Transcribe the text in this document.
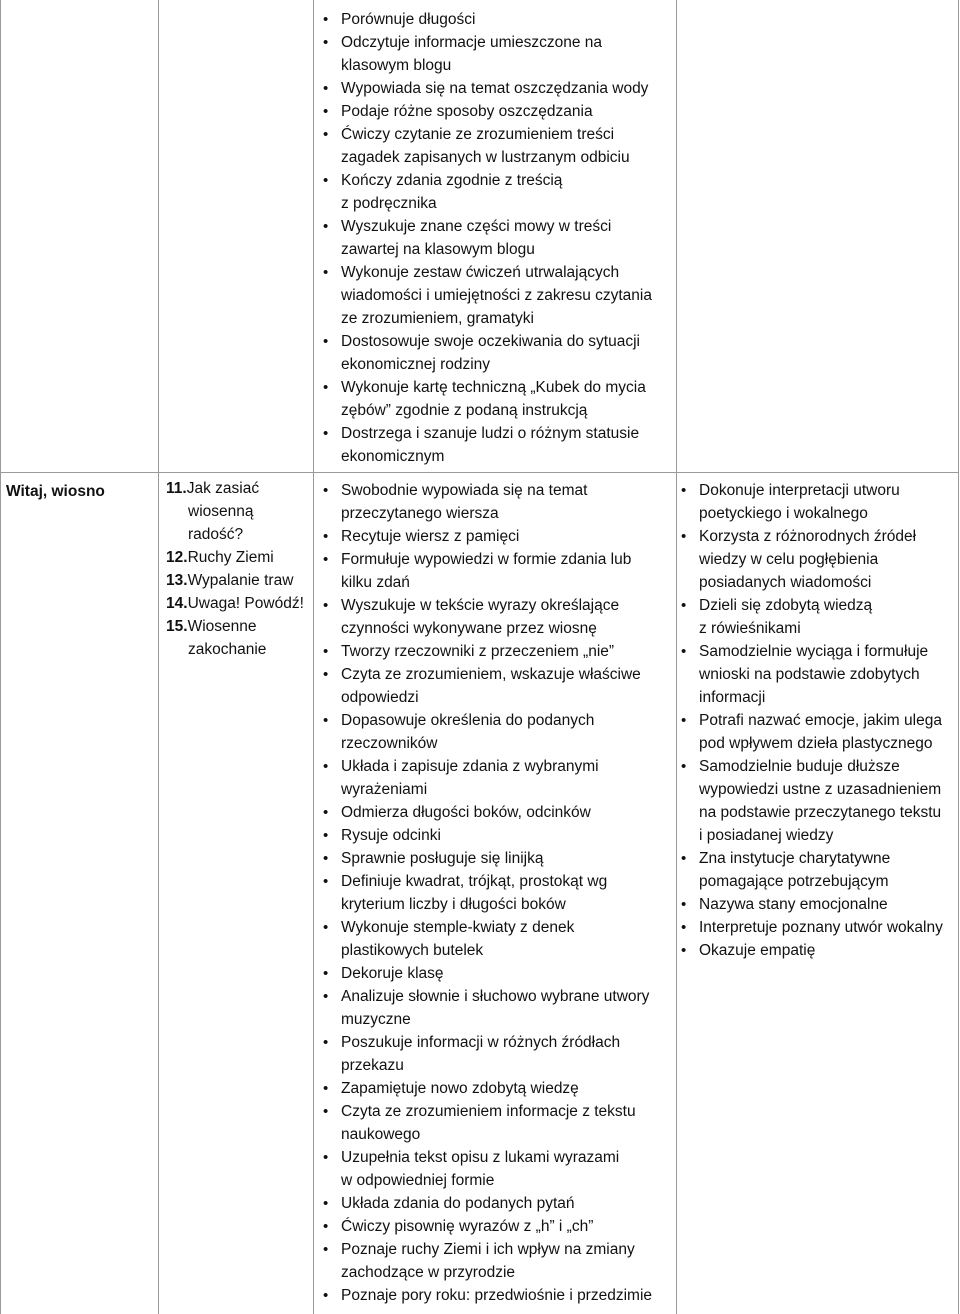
• Porównuje długości
• Odczytuje informacje umieszczone na
klasowym blogu
• Wypowiada się na temat oszczędzania wody
• Podaje różne sposoby oszczędzania
• Ćwiczy czytanie ze zrozumieniem treści
zagadek zapisanych w lustrzanym odbiciu
• Kończy zdania zgodnie z treścią
z podręcznika
• Wyszukuje znane części mowy w treści
zawartej na klasowym blogu
• Wykonuje zestaw ćwiczeń utrwalających
wiadomości i umiejętności z zakresu czytania
ze zrozumieniem, gramatyki
• Dostosowuje swoje oczekiwania do sytuacji
ekonomicznej rodziny
• Wykonuje kartę techniczną „Kubek do mycia
zębów” zgodnie z podaną instrukcją
• Dostrzega i szanuje ludzi o różnym statusie
ekonomicznym
Witaj, wiosno	11.Jak zasiać
wiosenną
radość?
12.Ruchy Ziemi
13.Wypalanie traw
14.Uwaga! Powódź!
15.Wiosenne
zakochanie
• Swobodnie wypowiada się na temat
przeczytanego wiersza
• Recytuje wiersz z pamięci
• Formułuje wypowiedzi w formie zdania lub
kilku zdań
• Wyszukuje w tekście wyrazy określające
czynności wykonywane przez wiosnę
• Tworzy rzeczowniki z przeczeniem „nie”
• Czyta ze zrozumieniem, wskazuje właściwe
odpowiedzi
• Dopasowuje określenia do podanych
rzeczowników
• Układa i zapisuje zdania z wybranymi
wyrażeniami
• Odmierza długości boków, odcinków
• Rysuje odcinki
• Sprawnie posługuje się linijką
• Definiuje kwadrat, trójkąt, prostokąt wg
kryterium liczby i długości boków
• Wykonuje stemple-kwiaty z denek
plastikowych butelek
• Dekoruje klasę
• Analizuje słownie i słuchowo wybrane utwory
muzyczne
• Poszukuje informacji w różnych źródłach
przekazu
• Zapamiętuje nowo zdobytą wiedzę
• Czyta ze zrozumieniem informacje z tekstu
naukowego
• Uzupełnia tekst opisu z lukami wyrazami
w odpowiedniej formie
• Układa zdania do podanych pytań
• Ćwiczy pisownię wyrazów z „h” i „ch”
• Poznaje ruchy Ziemi i ich wpływ na zmiany
zachodzące w przyrodzie
• Poznaje pory roku: przedwiośnie i przedzimie
• Dokonuje interpretacji utworu
poetyckiego i wokalnego
• Korzysta z różnorodnych źródeł
wiedzy w celu pogłębienia
posiadanych wiadomości
• Dzieli się zdobytą wiedzą
z rówieśnikami
• Samodzielnie wyciąga i formułuje
wnioski na podstawie zdobytych
informacji
• Potrafi nazwać emocje, jakim ulega
pod wpływem dzieła plastycznego
• Samodzielnie buduje dłuższe
wypowiedzi ustne z uzasadnieniem
na podstawie przeczytanego tekstu
i posiadanej wiedzy
• Zna instytucje charytatywne
pomagające potrzebującym
• Nazywa stany emocjonalne
• Interpretuje poznany utwór wokalny
• Okazuje empatię
